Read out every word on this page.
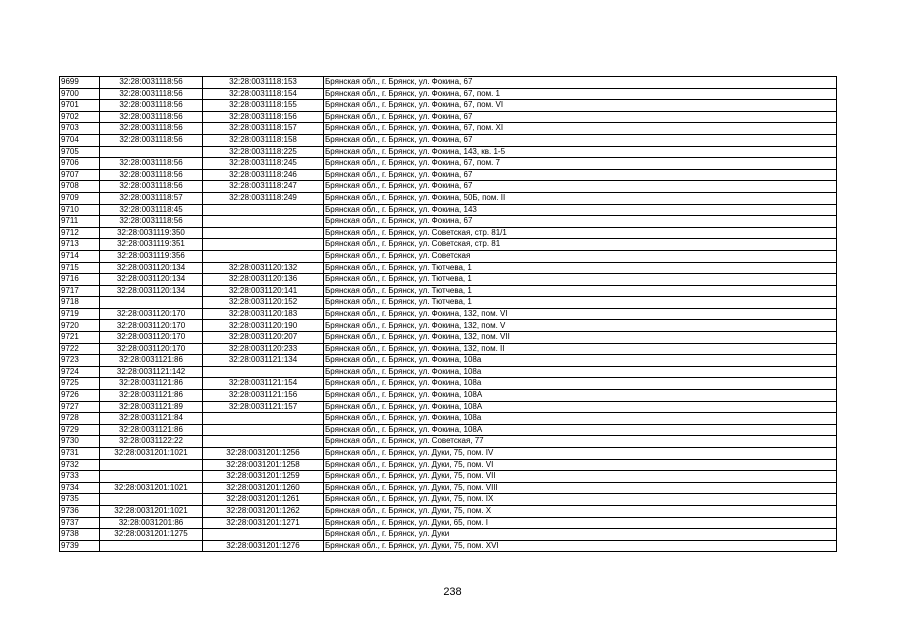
9699	32:28:0031118:56	32:28:0031118:153	Брянская обл., г. Брянск, ул. Фокина, 67
9700	32:28:0031118:56	32:28:0031118:154	Брянская обл., г. Брянск, ул. Фокина, 67, пом. 1
9701	32:28:0031118:56	32:28:0031118:155	Брянская обл., г. Брянск, ул. Фокина, 67, пом. VI
9702	32:28:0031118:56	32:28:0031118:156	Брянская обл., г. Брянск, ул. Фокина, 67
9703	32:28:0031118:56	32:28:0031118:157	Брянская обл., г. Брянск, ул. Фокина, 67, пом. XI
9704	32:28:0031118:56	32:28:0031118:158	Брянская обл., г. Брянск, ул. Фокина, 67
9705		32:28:0031118:225	Брянская обл., г. Брянск, ул. Фокина, 143, кв. 1-5
9706	32:28:0031118:56	32:28:0031118:245	Брянская обл., г. Брянск, ул. Фокина, 67, пом. 7
9707	32:28:0031118:56	32:28:0031118:246	Брянская обл., г. Брянск, ул. Фокина, 67
9708	32:28:0031118:56	32:28:0031118:247	Брянская обл., г. Брянск, ул. Фокина, 67
9709	32:28:0031118:57	32:28:0031118:249	Брянская обл., г. Брянск, ул. Фокина, 50Б, пом. II
9710	32:28:0031118:45		Брянская обл., г. Брянск, ул. Фокина, 143
9711	32:28:0031118:56		Брянская обл., г. Брянск, ул. Фокина, 67
9712	32:28:0031119:350		Брянская обл., г. Брянск, ул. Советская, стр. 81/1
9713	32:28:0031119:351		Брянская обл., г. Брянск, ул. Советская, стр. 81
9714	32:28:0031119:356		Брянская обл., г. Брянск, ул. Советская
9715	32:28:0031120:134	32:28:0031120:132	Брянская обл., г. Брянск, ул. Тютчева, 1
9716	32:28:0031120:134	32:28:0031120:136	Брянская обл., г. Брянск, ул. Тютчева, 1
9717	32:28:0031120:134	32:28:0031120:141	Брянская обл., г. Брянск, ул. Тютчева, 1
9718		32:28:0031120:152	Брянская обл., г. Брянск, ул. Тютчева, 1
9719	32:28:0031120:170	32:28:0031120:183	Брянская обл., г. Брянск, ул. Фокина, 132, пом. VI
9720	32:28:0031120:170	32:28:0031120:190	Брянская обл., г. Брянск, ул. Фокина, 132, пом. V
9721	32:28:0031120:170	32:28:0031120:207	Брянская обл., г. Брянск, ул. Фокина, 132, пом. VII
9722	32:28:0031120:170	32:28:0031120:233	Брянская обл., г. Брянск, ул. Фокина, 132, пом. II
9723	32:28:0031121:86	32:28:0031121:134	Брянская обл., г. Брянск, ул. Фокина, 108а
9724	32:28:0031121:142		Брянская обл., г. Брянск, ул. Фокина, 108а
9725	32:28:0031121:86	32:28:0031121:154	Брянская обл., г. Брянск, ул. Фокина, 108а
9726	32:28:0031121:86	32:28:0031121:156	Брянская обл., г. Брянск, ул. Фокина, 108А
9727	32:28:0031121:89	32:28:0031121:157	Брянская обл., г. Брянск, ул. Фокина, 108А
9728	32:28:0031121:84		Брянская обл., г. Брянск, ул. Фокина, 108а
9729	32:28:0031121:86		Брянская обл., г. Брянск, ул. Фокина, 108А
9730	32:28:0031122:22		Брянская обл., г. Брянск, ул. Советская, 77
9731	32:28:0031201:1021	32:28:0031201:1256	Брянская обл., г. Брянск, ул. Дуки, 75, пом. IV
9732		32:28:0031201:1258	Брянская обл., г. Брянск, ул. Дуки, 75, пом. VI
9733		32:28:0031201:1259	Брянская обл., г. Брянск, ул. Дуки, 75, пом. VII
9734	32:28:0031201:1021	32:28:0031201:1260	Брянская обл., г. Брянск, ул. Дуки, 75, пом. VIII
9735		32:28:0031201:1261	Брянская обл., г. Брянск, ул. Дуки, 75, пом. IX
9736	32:28:0031201:1021	32:28:0031201:1262	Брянская обл., г. Брянск, ул. Дуки, 75, пом. X
9737	32:28:0031201:86	32:28:0031201:1271	Брянская обл., г. Брянск, ул. Дуки, 65, пом. I
9738	32:28:0031201:1275		Брянская обл., г. Брянск, ул. Дуки
9739		32:28:0031201:1276	Брянская обл., г. Брянск, ул. Дуки, 75, пом. XVI
238
